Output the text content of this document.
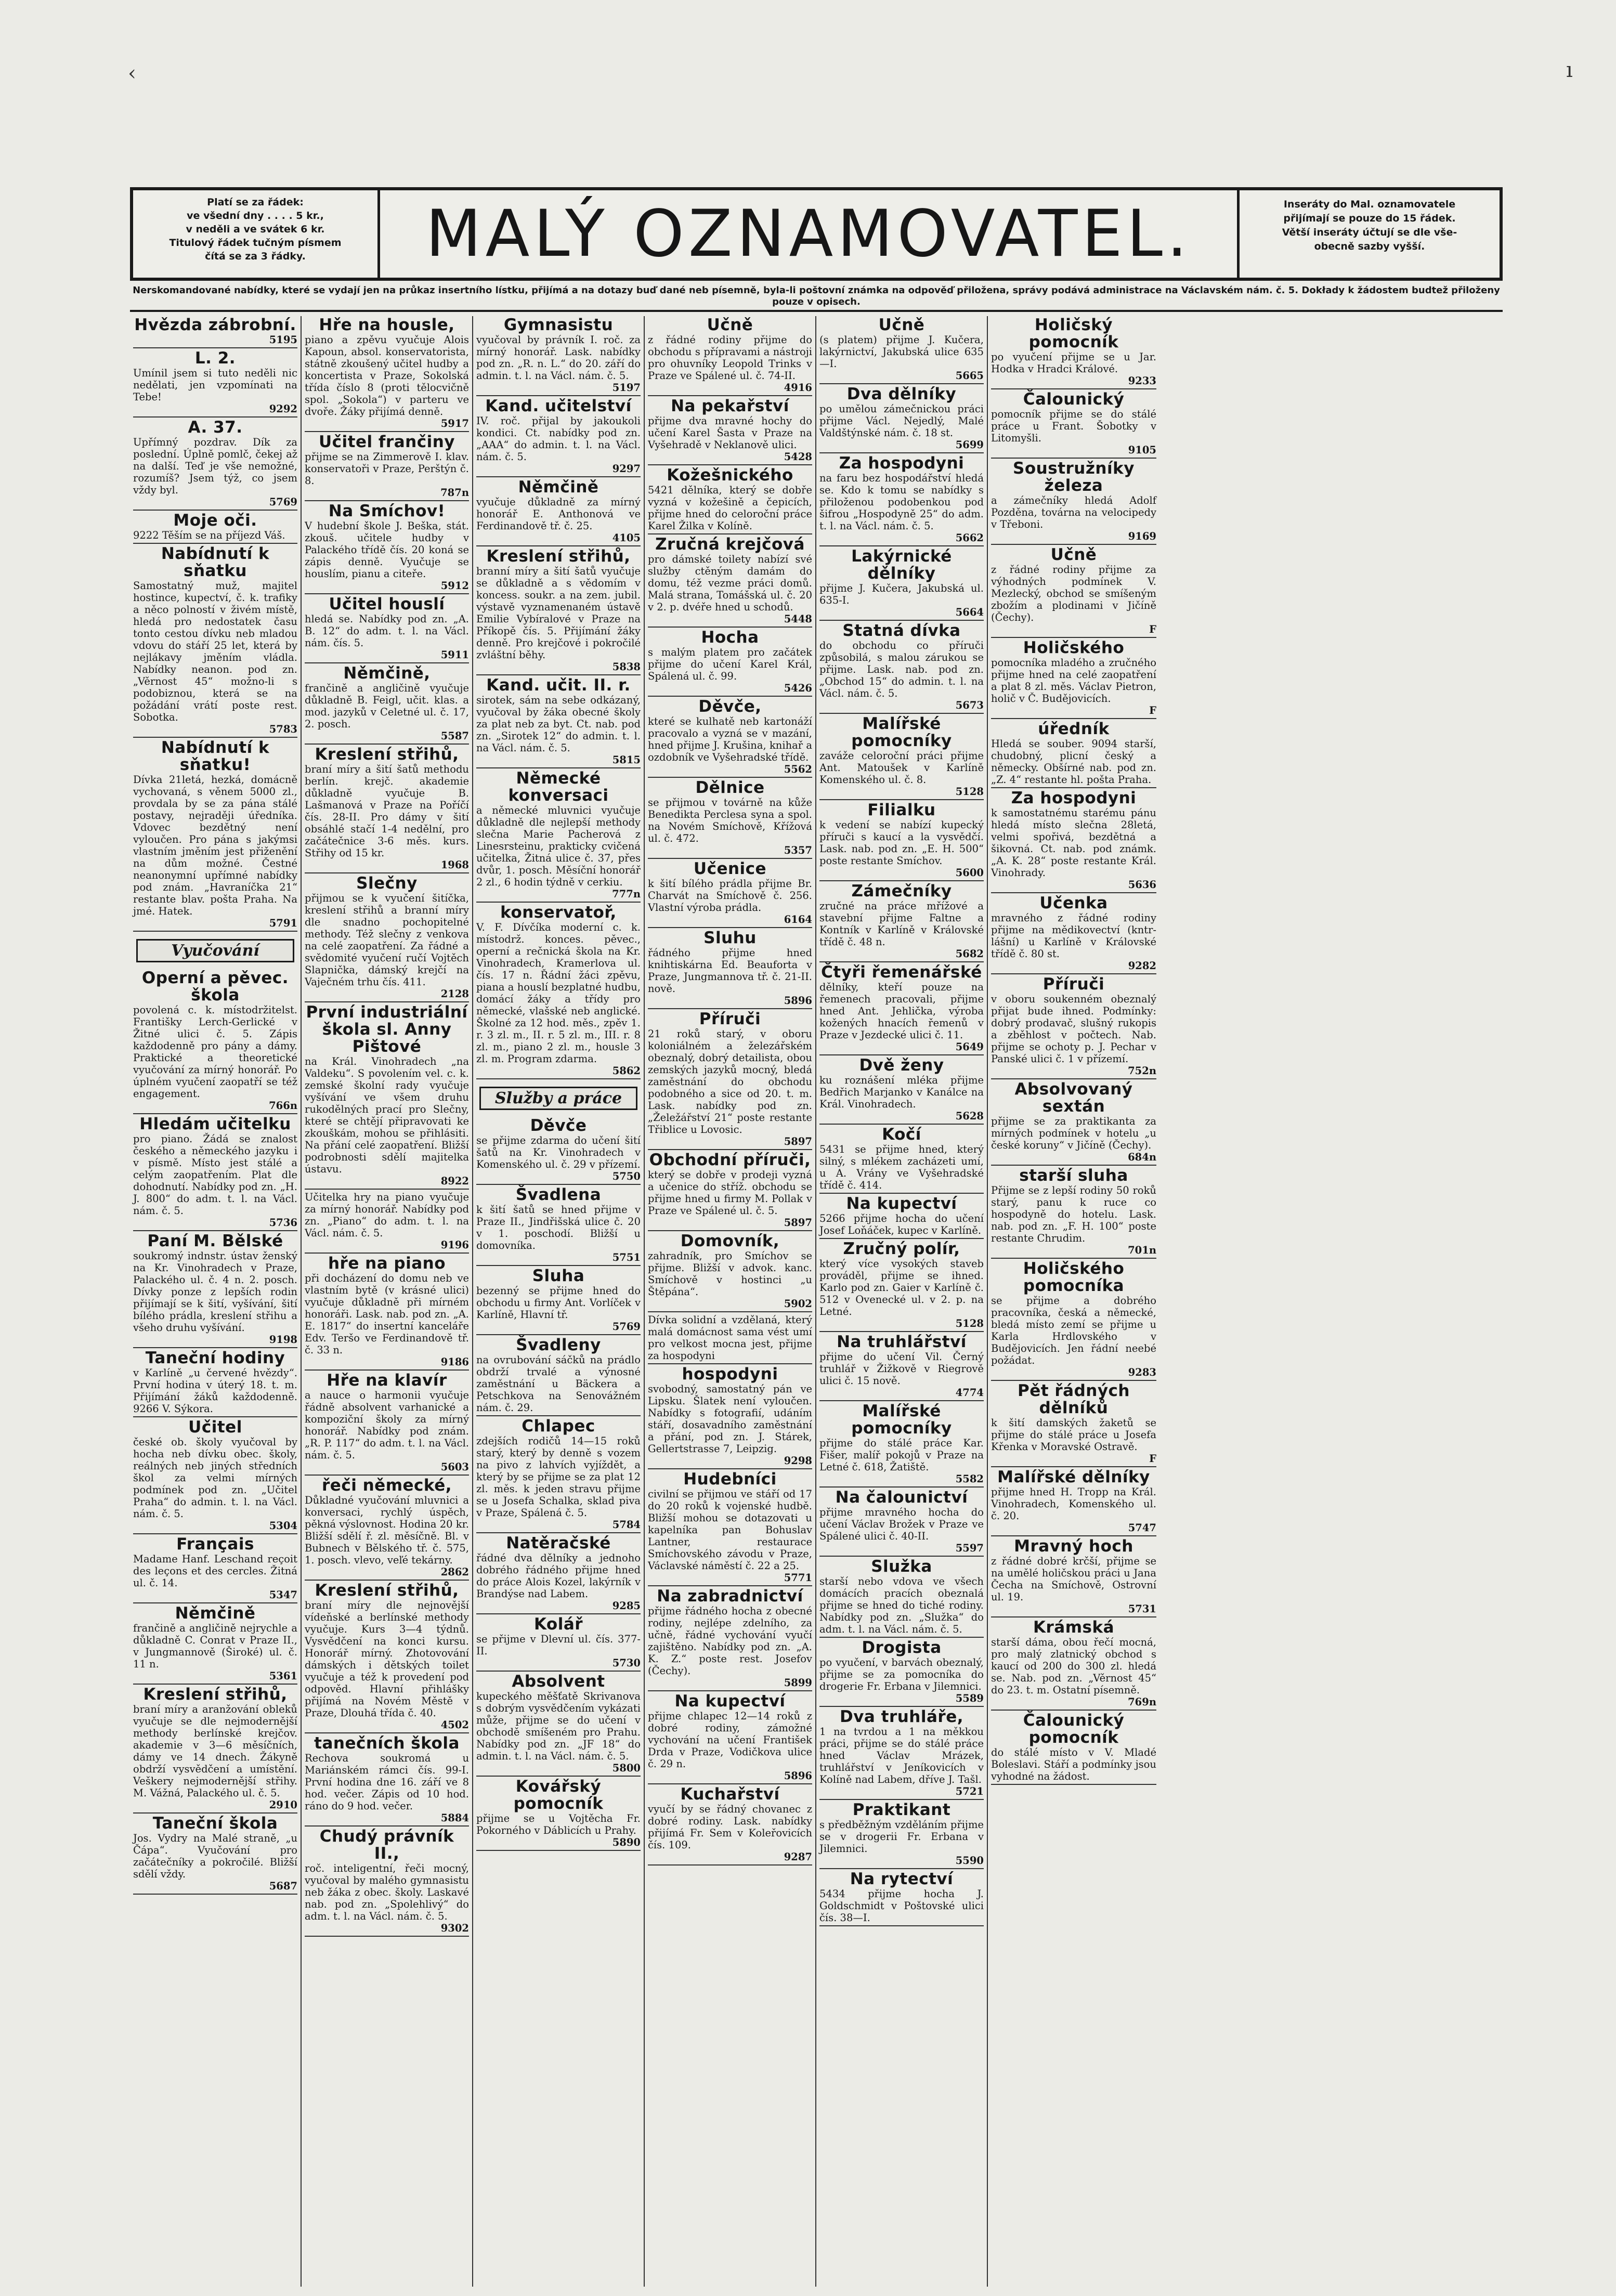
‹	ı
Platí se za řádek:
ve všední dny . . . . 5 kr.,
v neděli a ve svátek 6 kr.
Titulový řádek tučným písmem
čítá se za 3 řádky.	MALÝ OZNAMOVATEL.	Inseráty do Mal. oznamovatele
přijímají se pouze do 15 řádek.
Větší inseráty účtují se dle vše-
obecně sazby vyšší.
Nerskomandované nabídky, které se vydají jen na průkaz insertního lístku, přijímá a na dotazy buď dané neb písemně, byla-li poštovní známka na odpověď přiložena, správy podává administrace na Václavském nám. č. 5. Dokłady k žádostem budtež přiloženy pouze v opisech.
Hvězda zábrobní.
5195
L. 2.

Umínil jsem si tuto neděli nic nedělati, jen vzpomínati na Tebe!

9292
A. 37.

Upřímný pozdrav. Dík za poslední. Úplně pomlč, čekej až na další. Teď je vše nemožné, rozumíš? Jsem týž, co jsem vždy byl.

5769
Moje oči.

9222 Těším se na příjezd Váš.

Nabídnutí k sňatku

Samostatný muž, majitel hostince, kupectví, č. k. trafiky a něco polností v živém místě, hledá pro nedostatek času tonto cestou dívku neb mladou vdovu do stáří 25 let, která by nejlákavy jměním vládla. Nabídky neanon. pod zn. „Věrnost 45“ možno-li s podobiznou, která se na požádání vrátí poste rest. Sobotka.

5783
Nabídnutí k sňatku!

Dívka 21letá, hezká, domácně vychovaná, s věnem 5000 zl., provdala by se za pána stálé postavy, nejraději úředníka. Vdovec bezdětný není vyloučen. Pro pána s jakýmsi vlastním jměním jest přiženění na dům možné. Čestné neanonymní upřímné nabídky pod znám. „Havraníčka 21“ restante blav. pošta Praha. Na jmé. Hatek.

5791
Vyučování
Operní a pěvec. škola

povolená c. k. místodržitelst. Františky Lerch-Gerlické v Žitné ulici č. 5. Zápis každodenně pro pány a dámy. Praktické a theoretické vyučování za mírný honorář. Po úplném vyučení zaopatří se též engagement.

766n
Hledám učitelku

pro piano. Žádá se znalost českého a německého jazyku i v písmě. Místo jest stálé a celým zaopatřením. Plat dle dohodnutí. Nabídky pod zn. „H. J. 800“ do adm. t. l. na Václ. nám. č. 5.

5736
Paní M. Bělské

soukromý indnstr. ústav ženský na Kr. Vinohradech v Praze, Palackého ul. č. 4 n. 2. posch. Dívky ponze z lepších rodin přijímají se k šití, vyšívání, šití bílého prádla, kreslení střihu a všeho druhu vyšívání.

9198
Taneční hodiny

v Karlíně „u červené hvězdy“. První hodina v úterý 18. t. m. Přijímání žáků každodenně. 9266 V. Sýkora.

Učitel

české ob. školy vyučoval by hocha neb dívku obec. školy, reálných neb jiných středních škol za velmi mírných podmínek pod zn. „Učitel Praha“ do admin. t. l. na Václ. nám. č. 5.

5304
Français

Madame Hanf. Leschand reçoit des leçons et des cercles. Žitná ul. č. 14.

5347
Němčině

frančině a angličině nejrychle a důkladně C. Conrat v Praze II., v Jungmannově (Široké) ul. č. 11 n.

5361
Kreslení střihů,

braní míry a aranžování obleků vyučuje se dle nejmodernější methody berlínské krejčov. akademie v 3—6 měsíčních, dámy ve 14 dnech. Žákyně obdrží vysvědčení a umístění. Veškery nejmodernější střihy. M. Vážná, Palackého ul. č. 5.

2910
Taneční škola

Jos. Vydry na Malé straně, „u Čápa“. Vyučování pro začátečníky a pokročilé. Bližší sdělí vždy.

5687
Hře na housle,

piano a zpěvu vyučuje Alois Kapoun, absol. konservatoristа, státně zkoušený učitel hudby a koncertista v Praze, Sokolská třída číslo 8 (proti tělocvičně spol. „Sokola“) v parteru ve dvoře. Žáky přijímá denně.

5917
Učitel frančiny

přijme se na Zimmerově I. klav. konservatoři v Praze, Perštýn č. 8.

787n
Na Smíchov!

V hudební škole J. Beška, stát. zkouš. učitele hudby v Palackého třídě čís. 20 koná se zápis denně. Vyučuje se houslím, pianu a citeře.

5912
Učitel houslí

hledá se. Nabídky pod zn. „A. B. 12“ do adm. t. l. na Václ. nám. čís. 5.

5911
Němčině,

frančině a angličině vyučuje důkladně B. Feigl, učit. klas. a mod. jazyků v Celetné ul. č. 17, 2. posch.

5587
Kreslení střihů,

braní míry a šití šatů methodu berlín. krejč. akademie důkladně vyučuje B. Lašmanová v Praze na Poříčí čís. 28-II. Pro dámy v šití obsáhlé stačí 1-4 nedělní, pro začátečnice 3-6 měs. kurs. Střihy od 15 kr.

1968
Slečny

přijmou se k vyučení šitíčka, kreslení střihů a branní míry dle snadno pochopitelné methody. Též slečny z venkova na celé zaopatření. Za řádné a svědomité vyučení ručí Vojtěch Slapnička, dámský krejčí na Vaječném trhu čís. 411.

2128
První industriální škola sl. Anny Pištové

na Král. Vinohradech „na Valdeku“. S povolením vel. c. k. zemské školní rady vyučuje vyšívání ve všem druhu rukodělných prací pro Slečny, které se chtějí připravovati ke zkouškám, mohou se přihlásiti. Na přání celé zaopatření. Bližší podrobnosti sdělí majitelka ústavu.

8922

Učitelka hry na piano vyučuje za mírný honorář. Nabídky pod zn. „Piano“ do adm. t. l. na Václ. nám. č. 5.

9196
hře na piano

při docházení do domu neb ve vlastním bytě (v krásné ulici) vyučuje důkladně při mírném honoráři. Lask. nab. pod zn. „A. E. 1817“ do insertní kanceláře Edv. Teršo ve Ferdinandově tř. č. 33 n.

9186
Hře na klavír

a nauce o harmonii vyučuje řádně absolvent varhanické a kompoziční školy za mírný honorář. Nabídky pod znám. „R. P. 117“ do adm. t. l. na Václ. nám. č. 5.

5603
řeči německé,

Důkladné vyučování mluvnici a konversaci, rychlý úspěch, pěkná výslovnost. Hodina 20 kr. Bližší sdělí ř. zl. měsíčně. Bl. v Bubnech v Bělského tř. č. 575, 1. posch. vlevo, veľé tekárny.

2862
Kreslení střihů,

braní míry dle nejnovější vídeňské a berlínské methody vyučuje. Kurs 3—4 týdnů. Vysvědčení na konci kursu. Honorář mírný. Zhotovování dámských i dětských toilet vyučuje a též k provedení pod odpověd. Hlavní přihlášky přijímá na Novém Městě v Praze, Dlouhá třída č. 40.

4502
tanečních škola

Rechova soukromá u Mariánském rámci čís. 99-I. První hodina dne 16. září ve 8 hod. večer. Zápis od 10 hod. ráno do 9 hod. večer.

5884
Chudý právník II.,

roč. inteligentní, řeči mocný, vyučoval by malého gymnasistu neb žáka z obec. školy. Laskavé nab. pod zn. „Spolehlivý“ do adm. t. l. na Václ. nám. č. 5.

9302
Gymnasistu

vyučoval by právník I. roč. za mírný honorář. Lask. nabídky pod zn. „R. n. L.“ do 20. září do admin. t. l. na Václ. nám. č. 5.

5197
Kand. učitelství

IV. roč. přijal by jakoukoli kondici. Ct. nabídky pod zn. „AAA“ do admin. t. l. na Václ. nám. č. 5.

9297
Němčině

vyučuje důkladně za mírný honorář E. Anthonová ve Ferdinandově tř. č. 25.

4105
Kreslení střihů,

branní míry a šití šatů vyučuje se důkladně a s vědomím v koncess. soukr. a na zem. jubil. výstavě vyznamenaném ústavě Emilie Vybíralové v Praze na Příkopě čís. 5. Přijímání žáky denně. Pro krejčové i pokročilé zvláštní běhy.

5838
Kand. učit. II. r.

sirotek, sám na sebe odkázaný, vyučoval by žáka obecné školy za plat neb za byt. Ct. nab. pod zn. „Sirotek 12“ do admin. t. l. na Václ. nám. č. 5.

5815
Německé konversaci

a německé mluvnici vyučuje důkladně dle nejlepší methody slečna Marie Pacherová z Linesrsteinu, prakticky cvičená učitelka, Žitná ulice č. 37, přes dvůr, 1. posch. Měsíční honorář 2 zl., 6 hodin týdně v cerkiu.

777n
konservatoř,

V. F. Dívčíka moderní c. k. místodrž. konces. pěvec., operní a rečnická škola na Kr. Vinohradech, Kramerlova ul. čís. 17 n. Řádní žáci zpěvu, piana a houslí bezplatné hudbu, domácí žáky a třídy pro německé, vlašské neb anglické. Školné za 12 hod. měs., zpěv 1. r. 3 zl. m., II. r. 5 zl. m., III. r. 8 zl. m., piano 2 zl. m., housle 3 zl. m. Program zdarma.

5862
Služby a práce
Děvče

se přijme zdarma do učení šití šatů na Kr. Vinohradech v Komenského ul. č. 29 v přízemí.

5750
Švadlena

k šití šatů se hned přijme v Praze II., Jindřišská ulice č. 20 v 1. poschodí. Bližší u domovníka.

5751
Sluha

bezenný se přijme hned do obchodu u firmy Ant. Vorlíček v Karlíně, Hlavní tř.

5769
Švadleny

na ovrubování sáčků na prádlo obdrží trvalé a výnosné zaměstnání u Bäckera a Petschkova na Senovážném nám. č. 29.

Chlapec

zdejších rodičů 14—15 roků starý, který by denně s vozem na pivo z lahvích vyjíždět, a který by se přijme se za plat 12 zl. měs. k jeden stravu přijme se u Josefa Schalka, sklad piva v Praze, Spálená č. 5.

5784
Natěračské

řádné dva dělníky a jednoho dobrého řádného přijme hned do práce Alois Kozel, lakýrník v Brandýse nad Labem.

9285
Kolář

se přijme v Dlevní ul. čís. 377-II.

5730
Absolvent

kupeckého měšťatě Skrivanova s dobrým vysvědčením vykázati může, přijme se do učení v obchodě smíšeném pro Prahu. Nabídky pod zn. „JF 18“ do admin. t. l. na Václ. nám. č. 5.

5800
Kovářský pomocník

přijme se u Vojtěcha Fr. Pokorného v Dáblicích u Prahy.

5890
Učně

z řádné rodiny přijme do obchodu s přípravami a nástroji pro ohuvníky Leopold Trinks v Praze ve Spálené ul. č. 74-II.

4916
Na pekařství

přijme dva mravné hochy do učení Karel Šasta v Praze na Vyšehradě v Neklanově ulici.

5428
Kožešnického

5421 dělníka, který se dobře vyzná v kožešině a čepicích, přijme hned do celoroční práce Karel Žilka v Kolíně.

Zručná krejčová

pro dámské toilety nabízí své služby ctěným damám do domu, též vezme práci domů. Malá strana, Tomášská ul. č. 20 v 2. p. dvéře hned u schodů.

5448
Hocha

s malým platem pro začátek přijme do učení Karel Král, Spálená ul. č. 99.

5426
Děvče,

které se kulhatě neb kartonáží pracovalo a vyzná se v mazání, hned přijme J. Krušina, knihař a ozdobník ve Vyšehradské třídě.

5562
Dělnice

se přijmou v továrně na kůže Benedikta Perclesa syna a spol. na Novém Smíchově, Křížová ul. č. 472.

5357
Učenice

k šití bílého prádla přijme Br. Charvát na Smíchově č. 256. Vlastní výroba prádla.

6164
Sluhu

řádného přijme hned knihtiskárna Ed. Beauforta v Praze, Jungmannova tř. č. 21-II. nově.

5896
Příruči

21 roků starý, v oboru koloniálném a železářském obeznalý, dobrý detailista, obou zemských jazyků mocný, bledá zaměstnání do obchodu podobného a sice od 20. t. m. Lask. nabídky pod zn. „Želežářství 21“ poste restante Třiblice u Lovosic.

5897
Obchodní příruči,

který se dobře v prodeji vyzná a učenice do stříž. obchodu se přijme hned u firmy M. Pollak v Praze ve Spálené ul. č. 5.

5897
Domovník,

zahradník, pro Smíchov se přijme. Bližší v advok. kanc. Smíchově v hostinci „u Štěpána“.

5902

Dívka solidní a vzdělaná, který malá domácnost sama vést umí pro velkost mocna jest, přijme za hospodyni

hospodyni

svobodný, samostatný pán ve Lipsku. Šlatek není vyloučen. Nabídky s fotografií, udáním stáří, dosavadního zaměstnání a přání, pod zn. J. Stárek, Gellertstrasse 7, Leipzig.

9298
Hudebníci

civilní se přijmou ve stáří od 17 do 20 roků k vojenské hudbě. Bližší mohou se dotazovati u kapelníka pan Bohuslav Lantner, restaurace Smíchovského závodu v Praze, Václavské náměstí č. 22 a 25.

5771
Na zabradnictví

přijme řádného hocha z obecné rodiny, nejlépe zdelního, za učně, řádné vychování vyučí zajištěno. Nabídky pod zn. „A. K. Z.“ poste rest. Josefov (Čechy).

5899
Na kupectví

přijme chlapec 12—14 roků z dobré rodiny, zámožné vychování na učení František Drda v Praze, Vodičkova ulice č. 29 n.

5896
Kuchařství

vyučí by se řádný chovanec z dobré rodiny. Lask. nabídky přijímá Fr. Sem v Koleřovicích čís. 109.

9287
Učně

(s platem) přijme J. Kučera, lakýrnictví, Jakubská ulice 635—I.

5665
Dva dělníky

po umělou zámečnickou práci přijme Václ. Nejedlý, Malé Valdštýnské nám. č. 18 st.

5699
Za hospodyni

na faru bez hospodářství hledá se. Kdo k tomu se nabídky s přiloženou podobenkou pod šifrou „Hospodyně 25“ do adm. t. l. na Václ. nám. č. 5.

5662
Lakýrnické dělníky

přijme J. Kučera, Jakubská ul. 635-I.

5664
Statná dívka

do obchodu co příruči způsobilá, s malou zárukou se přijme. Lask. nab. pod zn. „Obchod 15“ do admin. t. l. na Václ. nám. č. 5.

5673
Malířské pomocníky

zaváže celoroční práci přijme Ant. Matoušek v Karlíně Komenského ul. č. 8.

5128
Filialku

k vedení se nabízí kupecký příruči s kaucí a la vysvědčí. Lask. nab. pod zn. „E. H. 500“ poste restante Smíchov.

5600
Zámečníky

zručné na práce mřížové a stavební přijme Faltne a Kontník v Karlíně v Královské třídě č. 48 n.

5682
Čtyři řemenářské

dělníky, kteří pouze na řemenech pracovali, přijme hned Ant. Jehlička, výroba kožených hnacích řemenů v Praze v Jezdecké ulici č. 11.

5649
Dvě ženy

ku roznášení mléka přijme Bedřich Marjanko v Kanálce na Král. Vinohradech.

5628
Kočí

5431 se přijme hned, který silný, s mlékem zacházeti umí, u A. Vrány ve Vyšehradské třídě č. 414.

Na kupectví

5266 přijme hocha do učení Josef Loňáček, kupec v Karlíně.

Zručný polír,

který více vysokých staveb prováděl, přijme se ihned. Karlo pod zn. Gaier v Karlíně č. 512 v Ovenecké ul. v 2. p. na Letné.

5128
Na truhlářství

přijme do učení Vil. Černý truhlář v Žižkově v Riegrově ulici č. 15 nově.

4774
Malířské pomocníky

přijme do stálé práce Kar. Fišer, malíř pokojů v Praze na Letné č. 618, Žatiště.

5582
Na čalounictví

přijme mravného hocha do učení Václav Brožek v Praze ve Spálené ulici č. 40-II.

5597
Služka

starší nebo vdova ve všech domácích pracích obeznalá přijme se hned do tiché rodiny. Nabídky pod zn. „Služka“ do adm. t. l. na Václ. nám. č. 5.

Drogista

po vyučení, v barvách obeznalý, přijme se za pomocníka do drogerie Fr. Erbana v Jilemnici.

5589
Dva truhláře,

1 na tvrdou a 1 na měkkou práci, přijme se do stálé práce hned Václav Mrázek, truhlářství v Jeníkovicích v Kolíně nad Labem, dříve J. Tašl.

5721
Praktikant

s předběžným vzděláním přijme se v drogerii Fr. Erbana v Jilemnici.

5590
Na rytectví

5434 přijme hocha J. Goldschmidt v Poštovské ulici čís. 38—I.

Holičský pomocník

po vyučení přijme se u Jar. Hodka v Hradci Králové.

9233
Čalounický

pomocník přijme se do stálé práce u Frant. Šobotky v Litomyšli.

9105
Soustružníky železa

a zámečníky hledá Adolf Pozděna, továrna na velocipedy v Třeboni.

9169
Učně

z řádné rodiny přijme za výhodných podmínek V. Mezlecký, obchod se smíšeným zbožím a plodinami v Jičíně (Čechy).

F
Holičského

pomocníka mladého a zručného přijme hned na celé zaopatření a plat 8 zl. měs. Václav Pietron, holič v Č. Budějovicích.

F
úředník

Hledá se souber. 9094 starší, chudobný, plicní český a německy. Obšírné nab. pod zn. „Z. 4“ restante hl. pošta Praha.

Za hospodyni

k samostatnému starému pánu hledá místo slečna 28letá, velmi spořivá, bezdětná a šikovná. Ct. nab. pod známk. „A. K. 28“ poste restante Král. Vinohrady.

5636
Učenka

mravného z řádné rodiny přijme na mědikovectví (kntr-lášní) u Karlíně v Královské třídě č. 80 st.

9282
Příruči

v oboru soukenném obeznalý přijat bude ihned. Podmínky: dobrý prodavač, slušný rukopis a zběhlost v počtech. Nab. přijme se ochoty p. J. Pechar v Panské ulici č. 1 v přízemí.

752n
Absolvovaný sextán

přijme se za praktikanta za mírných podmínek v hotelu „u české koruny“ v Jičíně (Čechy).

684n
starší sluha

Přijme se z lepší rodiny 50 roků starý, panu k ruce co hospodyně do hotelu. Lask. nab. pod zn. „F. H. 100“ poste restante Chrudim.

701n
Holičského pomocníka

se přijme a dobrého pracovníka, česká a německé, bledá místo zemí se přijme u Karla Hrdlovského v Budějovicích. Jen řádní neebé požádat.

9283
Pět řádných dělníků

k šití damských žaketů se přijme do stálé práce u Josefa Křenka v Moravské Ostravě.

F
Malířské dělníky

přijme hned H. Tropp na Král. Vinohradech, Komenského ul. č. 20.

5747
Mravný hoch

z řádné dobré krčší, přijme se na umělé holičskou práci u Jana Čecha na Smíchově, Ostrovní ul. 19.

5731
Krámská

starší dáma, obou řečí mocná, pro malý zlatnický obchod s kaucí od 200 do 300 zl. hledá se. Nab. pod zn. „Věrnost 45“ do 23. t. m. Ostatní písemně.

769n
Čalounický pomocník

do stálé místo v V. Mladé Boleslavi. Stáří a podmínky jsou vyhodné na žádost.
